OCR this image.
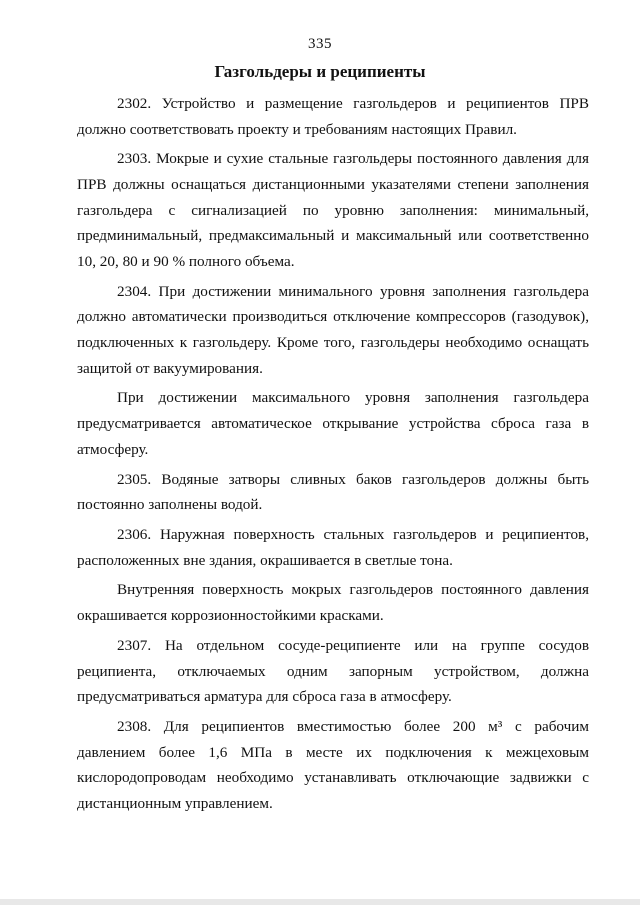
335
Газгольдеры и реципиенты

2302. Устройство и размещение газгольдеров и реципиентов ПРВ должно соответствовать проекту и требованиям настоящих Правил.

2303. Мокрые и сухие стальные газгольдеры постоянного давления для ПРВ должны оснащаться дистанционными указателями степени заполнения газгольдера с сигнализацией по уровню заполнения: минимальный, предминимальный, предмаксимальный и максимальный или соответственно 10, 20, 80 и 90 % полного объема.

2304. При достижении минимального уровня заполнения газгольдера должно автоматически производиться отключение компрессоров (газодувок), подключенных к газгольдеру. Кроме того, газгольдеры необходимо оснащать защитой от вакуумирования.

При достижении максимального уровня заполнения газгольдера предусматривается автоматическое открывание устройства сброса газа в атмосферу.

2305. Водяные затворы сливных баков газгольдеров должны быть постоянно заполнены водой.

2306. Наружная поверхность стальных газгольдеров и реципиентов, расположенных вне здания, окрашивается в светлые тона.

Внутренняя поверхность мокрых газгольдеров постоянного давления окрашивается коррозионностойкими красками.

2307. На отдельном сосуде-реципиенте или на группе сосудов реципиента, отключаемых одним запорным устройством, должна предусматриваться арматура для сброса газа в атмосферу.

2308. Для реципиентов вместимостью более 200 м³ с рабочим давлением более 1,6 МПа в месте их подключения к межцеховым кислородопроводам необходимо устанавливать отключающие задвижки с дистанционным управлением.
